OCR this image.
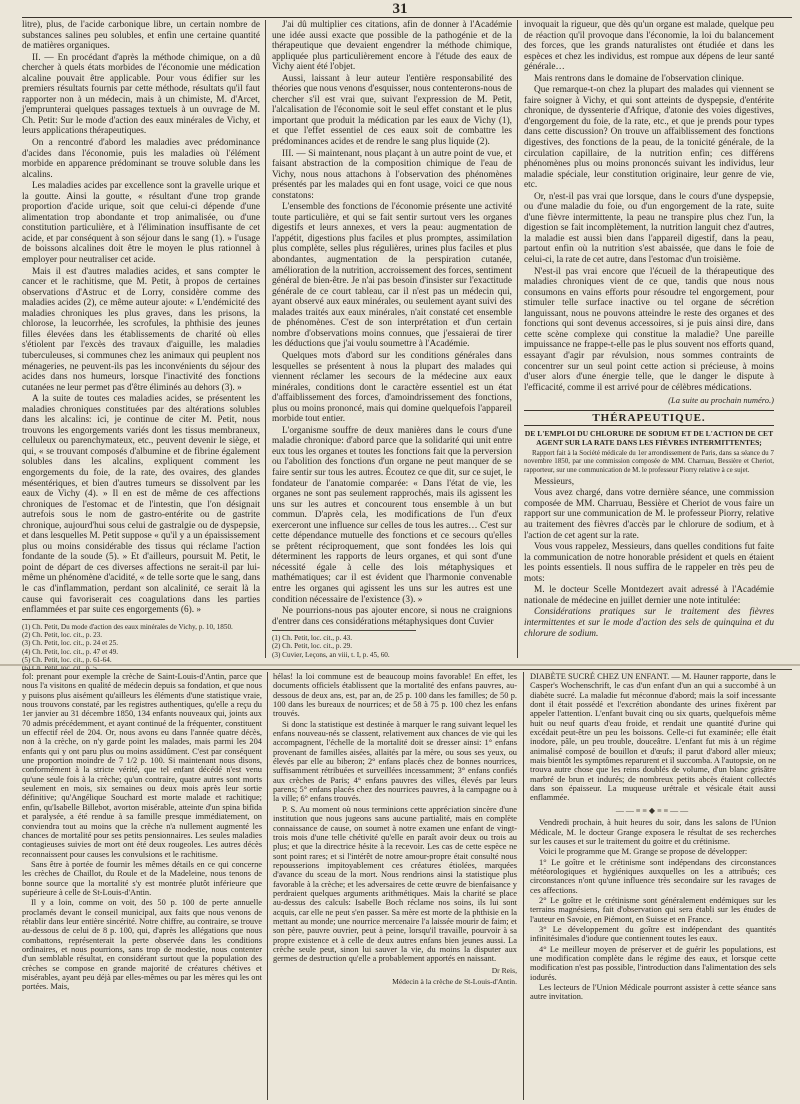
31

litre), plus, de l'acide carbonique libre, un certain nombre de substances salines peu solubles, et enfin une certaine quantité de matières organiques.

II. — En procédant d'après la méthode chimique, on a dû chercher à quels états morbides de l'économie une médication alcaline pouvait être applicable. Pour vous édifier sur les premiers résultats fournis par cette méthode, résultats qu'il faut rapporter non à un médecin, mais à un chimiste, M. d'Arcet, j'emprunterai quelques passages textuels à un ouvrage de M. Ch. Petit: Sur le mode d'action des eaux minérales de Vichy, et leurs applications thérapeutiques.

On a rencontré d'abord les maladies avec prédominance d'acides dans l'économie, puis les maladies où l'élément morbide en apparence prédominant se trouve soluble dans les alcalins.

Les maladies acides par excellence sont la gravelle urique et la goutte. Ainsi la goutte, « résultant d'une trop grande proportion d'acide urique, soit que celui-ci dépende d'une alimentation trop abondante et trop animalisée, ou d'une constitution particulière, et à l'élimination insuffisante de cet acide, et par conséquent à son séjour dans le sang (1). » l'usage de boissons alcalines doit être le moyen le plus rationnel à employer pour neutraliser cet acide.

Mais il est d'autres maladies acides, et sans compter le cancer et le rachitisme, que M. Petit, à propos de certaines observations d'Astruc et de Lorry, considère comme des maladies acides (2), ce même auteur ajoute: « L'endémicité des maladies chroniques les plus graves, dans les prisons, la chlorose, la leucorrhée, les scrofules, la phthisie des jeunes filles élevées dans les établissements de charité où elles s'étiolent par l'excès des travaux d'aiguille, les maladies tuberculeuses, si communes chez les animaux qui peuplent nos ménageries, ne peuvent-ils pas les inconvénients du séjour des acides dans nos humeurs, lorsque l'inactivité des fonctions cutanées ne leur permet pas d'être éliminés au dehors (3). »

A la suite de toutes ces maladies acides, se présentent les maladies chroniques constituées par des altérations solubles dans les alcalins: ici, je continue de citer M. Petit, nous trouvons les engorgements variés dont les tissus membraneux, celluleux ou parenchymateux, etc., peuvent devenir le siège, et qui, « se trouvant composés d'albumine et de fibrine également solubles dans les alcalins, expliquent comment les engorgements du foie, de la rate, des ovaires, des glandes mésentériques, et bien d'autres tumeurs se dissolvent par les eaux de Vichy (4). » Il en est de même de ces affections chroniques de l'estomac et de l'intestin, que l'on désignait autrefois sous le nom de gastro-entérite ou de gastrite chronique, aujourd'hui sous celui de gastralgie ou de dyspepsie, et dans lesquelles M. Petit suppose « qu'il y a un épaississement plus ou moins considérable des tissus qui réclame l'action fondante de la soude (5). » Et d'ailleurs, poursuit M. Petit, le point de départ de ces diverses affections ne serait-il par lui-même un phénomène d'acidité, « de telle sorte que le sang, dans le cas d'inflammation, perdant son alcalinité, ce serait là la cause qui favoriserait ces coagulations dans les parties enflammées et par suite ces engorgements (6). »

(1) Ch. Petit, Du mode d'action des eaux minérales de Vichy, p. 10, 1850.
(2) Ch. Petit, loc. cit., p. 23.
(3) Ch. Petit, loc. cit., p. 24 et 25.
(4) Ch. Petit, loc. cit., p. 47 et 49.
(5) Ch. Petit, loc. cit., p. 61-64.

J'ai dû multiplier ces citations, afin de donner à l'Académie une idée aussi exacte que possible de la pathogénie et de la thérapeutique que devaient engendrer la méthode chimique, appliquée plus particulièrement encore à l'étude des eaux de Vichy aient été l'objet.

Aussi, laissant à leur auteur l'entière responsabilité des théories que nous venons d'esquisser, nous contenterons-nous de chercher s'il est vrai que, suivant l'expression de M. Petit, l'alcalisation de l'économie soit le seul effet constant et le plus important que produit la médication par les eaux de Vichy (1), et que l'effet essentiel de ces eaux soit de combattre les prédominances acides et de rendre le sang plus liquide (2).

III. — Si maintenant, nous plaçant à un autre point de vue, et faisant abstraction de la composition chimique de l'eau de Vichy, nous nous attachons à l'observation des phénomènes présentés par les malades qui en font usage, voici ce que nous constatons:

L'ensemble des fonctions de l'économie présente une activité toute particulière, et qui se fait sentir surtout vers les organes digestifs et leurs annexes, et vers la peau: augmentation de l'appétit, digestions plus faciles et plus promptes, assimilation plus complète, selles plus régulières, urines plus faciles et plus abondantes, augmentation de la perspiration cutanée, amélioration de la nutrition, accroissement des forces, sentiment général de bien-être. Je n'ai pas besoin d'insister sur l'exactitude générale de ce court tableau, car il n'est pas un médecin qui, ayant observé aux eaux minérales, ou seulement ayant suivi des malades traités aux eaux minérales, n'ait constaté cet ensemble de phénomènes. C'est de son interprétation et d'un certain nombre d'observations moins connues, que j'essaierai de tirer les déductions que j'ai voulu soumettre à l'Académie.

Quelques mots d'abord sur les conditions générales dans lesquelles se présentent à nous la plupart des malades qui viennent réclamer les secours de la médecine aux eaux minérales, conditions dont le caractère essentiel est un état d'affaiblissement des forces, d'amoindrissement des fonctions, plus ou moins prononcé, mais qui domine quelquefois l'appareil morbide tout entier.

L'organisme souffre de deux manières dans le cours d'une maladie chronique: d'abord parce que la solidarité qui unit entre eux tous les organes et toutes les fonctions fait que la perversion ou l'abolition des fonctions d'un organe ne peut manquer de se faire sentir sur tous les autres. Écoutez ce que dit, sur ce sujet, le fondateur de l'anatomie comparée: « Dans l'état de vie, les organes ne sont pas seulement rapprochés, mais ils agissent les uns sur les autres et concourent tous ensemble à un but commun. D'après cela, les modifications de l'un d'eux exerceront une influence sur celles de tous les autres… C'est sur cette dépendance mutuelle des fonctions et ce secours qu'elles se prêtent réciproquement, que sont fondées les lois qui déterminent les rapports de leurs organes, et qui sont d'une nécessité égale à celle des lois métaphysiques et mathématiques; car il est évident que l'harmonie convenable entre les organes qui agissent les uns sur les autres est une condition nécessaire de l'existence (3). »

Ne pourrions-nous pas ajouter encore, si nous ne craignions d'entrer dans ces considérations métaphysiques dont Cuvier

(1) Ch. Petit, loc. cit., p. 43.
(2) Ch. Petit, loc. cit., p. 29.
(3) Cuvier, Leçons, an viii, t. I, p. 45, 60.

invoquait la rigueur, que dès qu'un organe est malade, quelque peu de réaction qu'il provoque dans l'économie, la loi du balancement des forces, que les grands naturalistes ont étudiée et dans les espèces et chez les individus, est rompue aux dépens de leur santé générale…

Mais rentrons dans le domaine de l'observation clinique.

Que remarque-t-on chez la plupart des malades qui viennent se faire soigner à Vichy, et qui sont atteints de dyspepsie, d'entérite chronique, de dyssenterie d'Afrique, d'atonie des voies digestives, d'engorgement du foie, de la rate, etc., et que je prends pour types dans cette discussion? On trouve un affaiblissement des fonctions digestives, des fonctions de la peau, de la tonicité générale, de la circulation capillaire, de la nutrition enfin; ces différens phénomènes plus ou moins prononcés suivant les individus, leur maladie spéciale, leur constitution originaire, leur genre de vie, etc.

Or, n'est-il pas vrai que lorsque, dans le cours d'une dyspepsie, ou d'une maladie du foie, ou d'un engorgement de la rate, suite d'une fièvre intermittente, la peau ne transpire plus chez l'un, la digestion se fait incomplètement, la nutrition languit chez d'autres, la maladie est aussi bien dans l'appareil digestif, dans la peau, partout enfin où la nutrition s'est abaissée, que dans le foie de celui-ci, la rate de cet autre, dans l'estomac d'un troisième.

N'est-il pas vrai encore que l'écueil de la thérapeutique des maladies chroniques vient de ce que, tandis que nous nous consumons en vains efforts pour résoudre tel engorgement, pour stimuler telle surface inactive ou tel organe de sécrétion languissant, nous ne pouvons atteindre le reste des organes et des fonctions qui sont devenus accessoires, si je puis ainsi dire, dans cette scène complexe qui constitue la maladie? Une pareille impuissance ne frappe-t-elle pas le plus souvent nos efforts quand, essayant d'agir par révulsion, nous sommes contraints de concentrer sur un seul point cette action si précieuse, à moins d'user alors d'une énergie telle, que le danger le dispute à l'efficacité, comme il est arrivé pour de célèbres médications.

(La suite au prochain numéro.)
THÉRAPEUTIQUE.
DE L'EMPLOI DU CHLORURE DE SODIUM ET DE L'ACTION DE CET AGENT SUR LA RATE DANS LES FIÈVRES INTERMITTENTES;
Rapport fait à la Société médicale du 1er arrondissement de Paris, dans sa séance du 7 novembre 1850, par une commission composée de MM. Charruau, Bessière et Cheriot, rapporteur, sur une communication de M. le professeur Piorry relative à ce sujet.

Messieurs,

Vous avez chargé, dans votre dernière séance, une commission composée de MM. Charruau, Bessière et Cheriot de vous faire un rapport sur une communication de M. le professeur Piorry, relative au traitement des fièvres d'accès par le chlorure de sodium, et à l'action de cet agent sur la rate.

Vous vous rappelez, Messieurs, dans quelles conditions fut faite la communication de notre honorable président et quels en étaient les points essentiels. Il nous suffira de le rappeler en très peu de mots:

M. le docteur Scelle Montdezert avait adressé à l'Académie nationale de médecine en juillet dernier une note intitulée:

Considérations pratiques sur le traitement des fièvres intermittentes et sur le mode d'action des sels de quinquina et du chlorure de sodium.

fol: prenant pour exemple la crèche de Saint-Louis-d'Antin, parce que nous l'a visitons en qualité de médecin depuis sa fondation, et que nous y puisons plus aisément qu'ailleurs les éléments d'une statistique vraie, nous trouvons constaté, par les registres authentiques, qu'elle a reçu du 1er janvier au 31 décembre 1850, 134 enfants nouveaux qui, joints aux 70 admis précédemment, et ayant continué de la fréquenter, constituent un effectif réel de 204. Or, nous avons eu dans l'année quatre décès, non à la crèche, on n'y garde point les malades, mais parmi les 204 enfants qui y ont paru plus ou moins assidûment. C'est par conséquent une proportion moindre de 7 1/2 p. 100. Si maintenant nous disons, conformément à la stricte vérité, que tel enfant décédé n'est venu qu'une seule fois à la crèche; qu'un contraire, quatre autres sont morts seulement en mois, six semaines ou deux mois après leur sortie définitive; qu'Angélique Souchard est morte malade et rachitique; enfin, qu'Isabelle Billebot, avorton misérable, atteinte d'un spina bifida et paralysée, a été rendue à sa famille presque immédiatement, on conviendra tout au moins que la crèche n'a nullement augmenté les chances de mortalité pour ses petits pensionnaires. Les seules maladies contagieuses suivies de mort ont été deux rougeoles. Les autres décès reconnaissent pour causes les convulsions et le rachitisme.

Sans être à portée de fournir les mêmes détails en ce qui concerne les crèches de Chaillot, du Roule et de la Madeleine, nous tenons de bonne source que la mortalité s'y est montrée plutôt inférieure que supérieure à celle de St-Louis-d'Antin.

Il y a loin, comme on voit, des 50 p. 100 de perte annuelle proclamés devant le conseil municipal, aux faits que nous venons de rétablir dans leur entière sincérité. Notre chiffre, au contraire, se trouve au-dessous de celui de 8 p. 100, qui, d'après les allégations que nous combattons, représenterait la perte observée dans les conditions ordinaires, et nous pourrions, sans trop de modestie, nous contenter d'un semblable résultat, en considérant surtout que la population des crèches se compose en grande majorité de créatures chétives et misérables, ayant peu déjà par elles-mêmes ou par les mères qui les ont portées. Mais,

hélas! la loi commune est de beaucoup moins favorable! En effet, les documents officiels établissent que la mortalité des enfans pauvres, au-dessous de deux ans, est, par an, de 25 p. 100 dans les familles; de 50 p. 100 dans les bureaux de nourrices; et de 58 à 75 p. 100 chez les enfans trouvés.

Si donc la statistique est destinée à marquer le rang suivant lequel les enfans nouveau-nés se classent, relativement aux chances de vie qui les accompagnent, l'échelle de la mortalité doit se dresser ainsi: 1° enfans provenant de familles aisées, allaités par la mère, ou sous ses yeux, ou élevés par elle au biberon; 2° enfans placés chez de bonnes nourrices, suffisamment rétribuées et surveillées incessamment; 3° enfans confiés aux crèches de Paris; 4° enfans pauvres des villes, élevés par leurs parens; 5° enfans placés chez des nourrices pauvres, à la campagne ou à la ville; 6° enfans trouvés.

P. S. Au moment où nous terminions cette appréciation sincère d'une institution que nous jugeons sans aucune partialité, mais en complète connaissance de cause, on soumet à notre examen une enfant de vingt-trois mois d'une telle chétivité qu'elle en paraît avoir deux ou trois au plus; et que la directrice hésite à la recevoir. Les cas de cette espèce ne sont point rares; et si l'intérêt de notre amour-propre était consulté nous repousserions impitoyablement ces créatures étiolées, marquées d'avance du sceau de la mort. Nous rendrions ainsi la statistique plus favorable à la crèche; et les adversaires de cette œuvre de bienfaisance y perdraient quelques arguments arithmétiques. Mais la charité se place au-dessus des calculs: Isabelle Boch réclame nos soins, ils lui sont acquis, car elle ne peut s'en passer. Sa mère est morte de la phthisie en la mettant au monde; une nourrice mercenaire l'a laissée mourir de faim; et son père, pauvre ouvrier, peut à peine, lorsqu'il travaille, pourvoir à sa propre existence et à celle de deux autres enfans bien jeunes aussi. La crèche seule peut, sinon lui sauver la vie, du moins la disputer aux germes de destruction qu'elle a probablement apportés en naissant.

Dr Reis,
Médecin à la crèche de St-Louis-d'Antin.

DIABÈTE SUCRÉ CHEZ UN ENFANT. — M. Hauner rapporte, dans le Casper's Wochenschrift, le cas d'un enfant d'un an qui a succombé à un diabète sucré. La maladie fut méconnue d'abord; mais la soif incessante dont il était possédé et l'excrétion abondante des urines fixèrent par appeler l'attention. L'enfant buvait cinq ou six quarts, quelquefois même huit ou neuf quarts d'eau froide, et rendait une quantité d'urine qui excédait peut-être un peu les boissons. Celle-ci fut examinée; elle était inodore, pâle, un peu trouble, douceâtre. L'enfant fut mis à un régime animalisé composé de bouillon et d'œufs; il parut d'abord aller mieux; mais bientôt les symptômes reparurent et il succomba. A l'autopsie, on ne trouva autre chose que les reins doublés de volume, d'un blanc grisâtre marbré de brun et indurés; de nombreux petits abcès étaient collectés dans son épaisseur. La muqueuse urétrale et vésicale était aussi enflammée.

——≡≡◆≡≡——

Vendredi prochain, à huit heures du soir, dans les salons de l'Union Médicale, M. le docteur Grange exposera le résultat de ses recherches sur les causes et sur le traitement du goitre et du crétinisme.

Voici le programme que M. Grange se propose de développer:

1° Le goître et le crétinisme sont indépendans des circonstances météorologiques et hygiéniques auxquelles on les a attribués; ces circonstances n'ont qu'une influence très secondaire sur les ravages de ces affections.

2° Le goître et le crétinisme sont généralement endémiques sur les terrains magnésiens, fait d'observation qui sera établi sur les études de l'auteur en Savoie, en Piémont, en Suisse et en France.

3° Le développement du goître est indépendant des quantités infinitésimales d'iodure que contiennent toutes les eaux.

4° Le meilleur moyen de préserver et de guérir les populations, est une modification complète dans le régime des eaux, et lorsque cette modification n'est pas possible, l'introduction dans l'alimentation des sels iodurés.

Les lecteurs de l'Union Médicale pourront assister à cette séance sans autre invitation.
